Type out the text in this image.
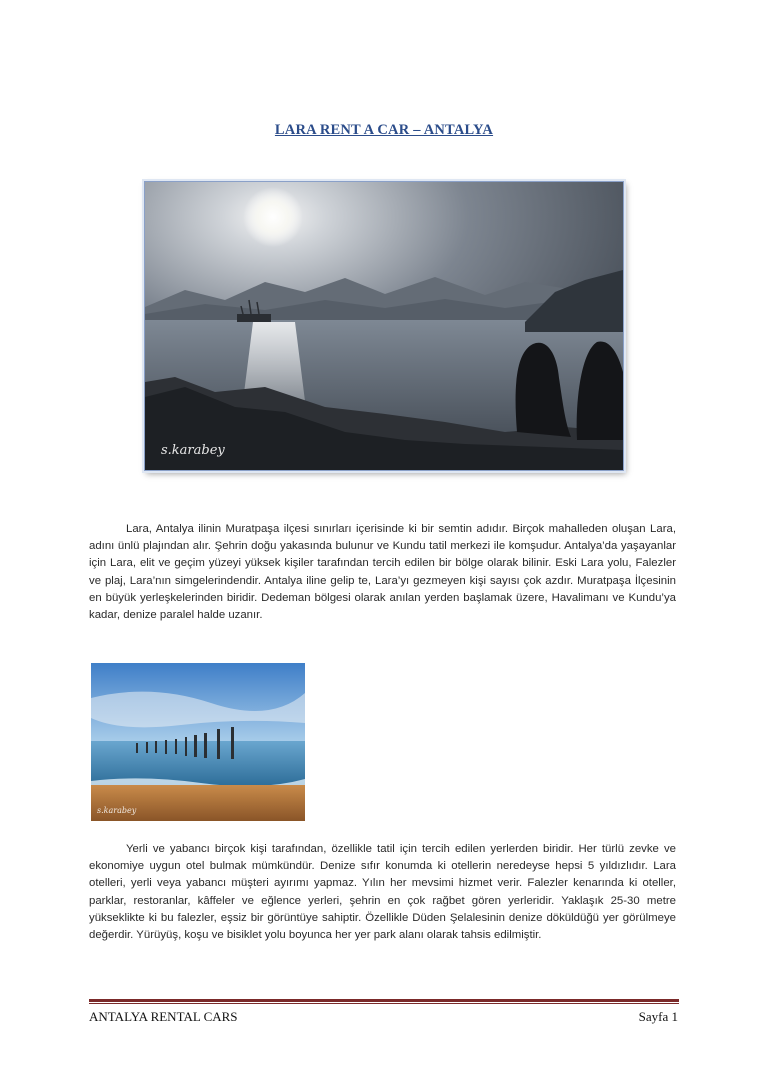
LARA RENT A CAR – ANTALYA
s.karabey

Lara, Antalya ilinin Muratpaşa ilçesi sınırları içerisinde ki bir semtin adıdır. Birçok mahalleden oluşan Lara, adını ünlü plajından alır. Şehrin doğu yakasında bulunur ve Kundu tatil merkezi ile komşudur. Antalya’da yaşayanlar için Lara, elit ve geçim yüzeyi yüksek kişiler tarafından tercih edilen bir bölge olarak bilinir. Eski Lara yolu, Falezler ve plaj, Lara’nın simgelerindendir. Antalya iline gelip te, Lara’yı gezmeyen kişi sayısı çok azdır. Muratpaşa İlçesinin en büyük yerleşkelerinden biridir. Dedeman bölgesi olarak anılan yerden başlamak üzere, Havalimanı ve Kundu’ya kadar, denize paralel halde uzanır.

s.karabey

Yerli ve yabancı birçok kişi tarafından, özellikle tatil için tercih edilen yerlerden biridir. Her türlü zevke ve ekonomiye uygun otel bulmak mümkündür. Denize sıfır konumda ki otellerin neredeyse hepsi 5 yıldızlıdır. Lara otelleri, yerli veya yabancı müşteri ayırımı yapmaz. Yılın her mevsimi hizmet verir. Falezler kenarında ki oteller, parklar, restoranlar, kâffeler ve eğlence yerleri, şehrin en çok rağbet gören yerleridir. Yaklaşık 25-30 metre yükseklikte ki bu falezler, eşsiz bir görüntüye sahiptir. Özellikle Düden Şelalesinin denize döküldüğü yer görülmeye değerdir. Yürüyüş, koşu ve bisiklet yolu boyunca her yer park alanı olarak tahsis edilmiştir.

ANTALYA RENTAL CARS	Sayfa 1
